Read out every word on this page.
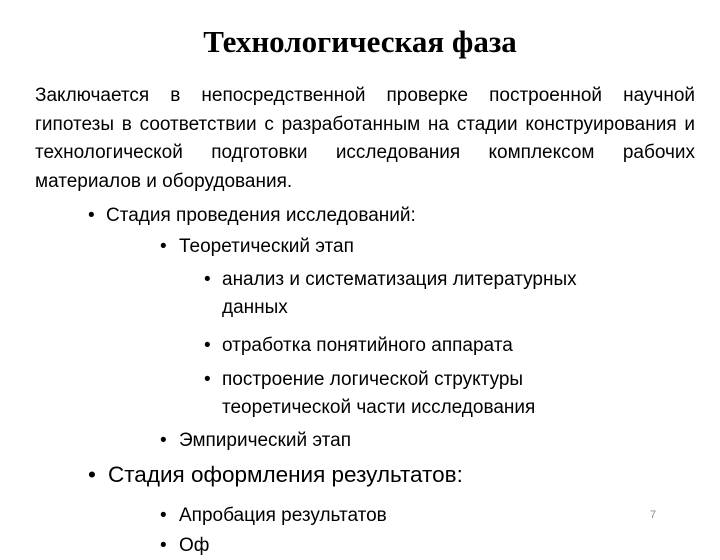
Технологическая фаза
Заключается в непосредственной проверке построенной научной гипотезы в соответствии с разработанным на стадии конструирования и технологической подготовки исследования комплексом рабочих материалов и оборудования.
• Стадия проведения исследований:
• Теоретический этап
• анализ и систематизация литературных данных
• отработка понятийного аппарата
• построение логической структуры теоретической части исследования
• Эмпирический этап
• Стадия оформления результатов:
• Апробация результатов
• Оф
7
